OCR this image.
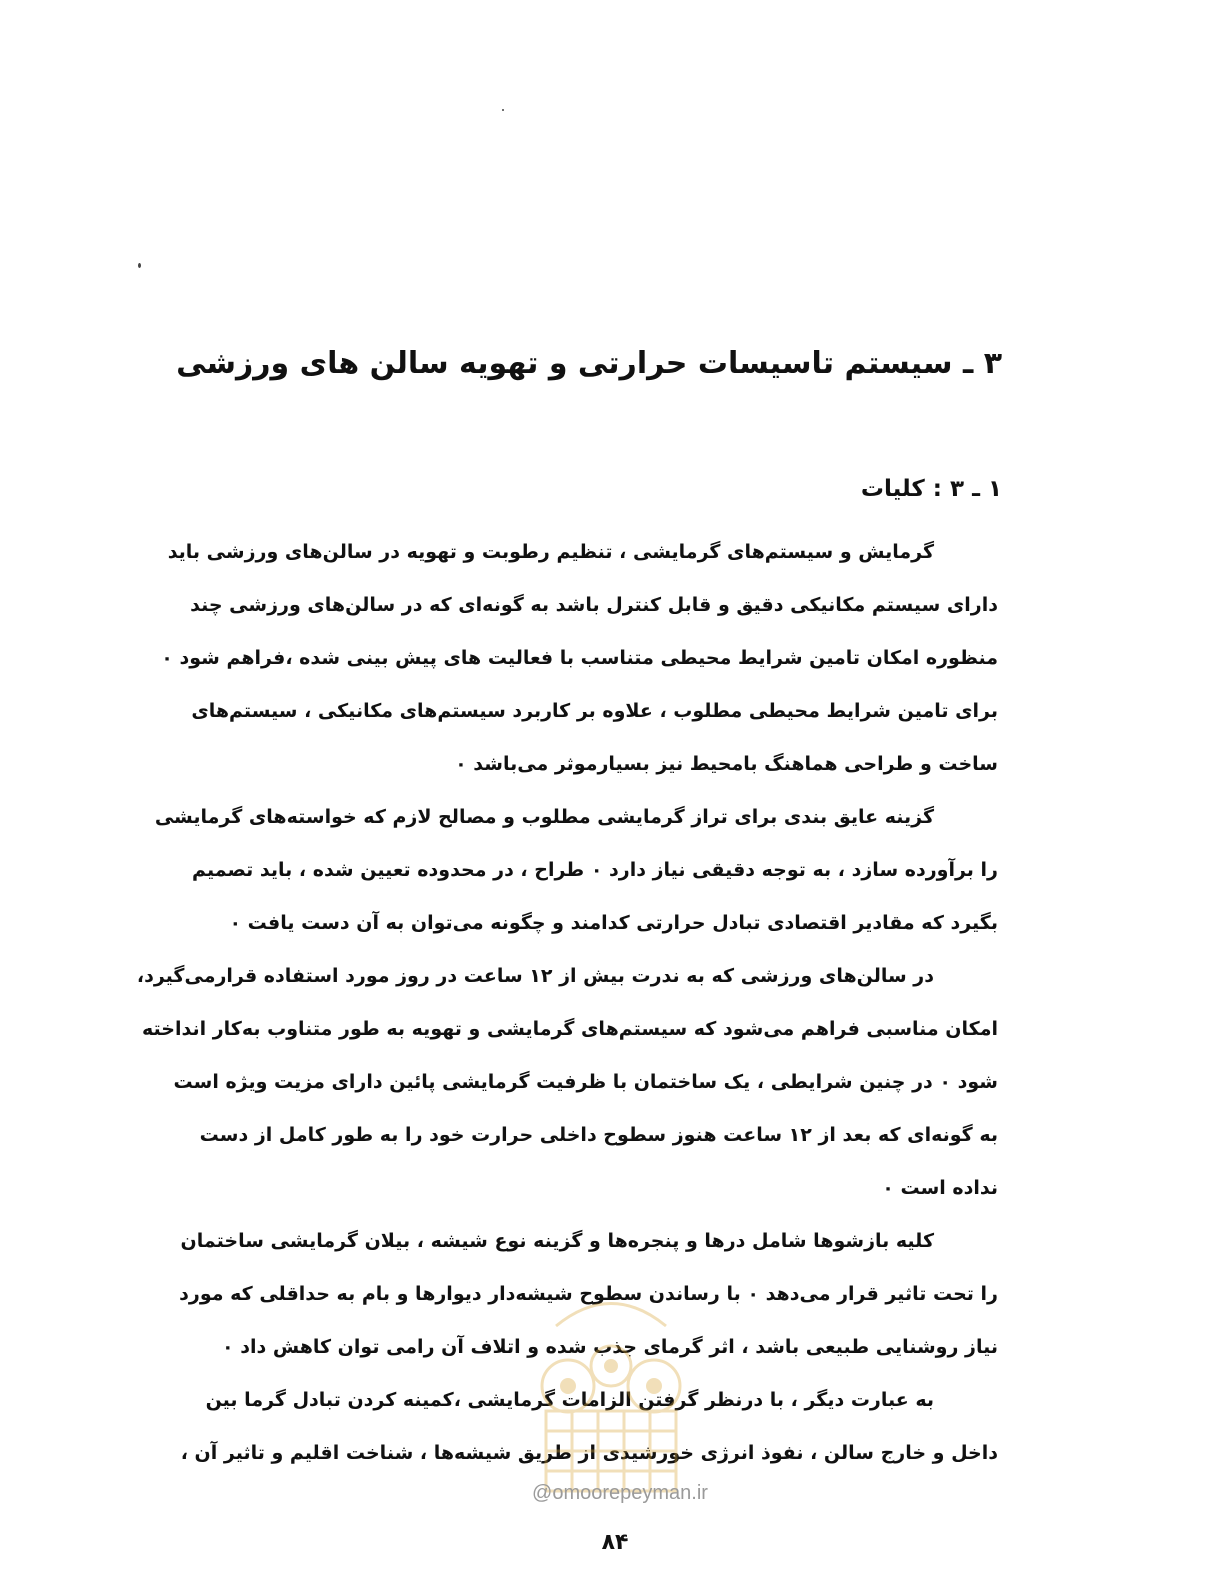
۳ ـ سیستم تاسیسات حرارتی و تهویه سالن های ورزشی
۱ ـ ۳ : کلیات
گرمایش و سیستم‌های گرمایشی ، تنظیم رطوبت و تهویه در سالن‌های ورزشی باید
دارای سیستم مکانیکی دقیق و قابل کنترل باشد به گونه‌ای که در سالن‌های ورزشی چند
منظوره امکان تامین شرایط محیطی متناسب با فعالیت های پیش بینی شده ،فراهم شود ۰
برای تامین شرایط محیطی مطلوب ، علاوه بر کاربرد سیستم‌های مکانیکی ، سیستم‌های
ساخت و طراحی هماهنگ بامحیط نیز بسیارموثر می‌باشد ۰
گزینه عایق بندی برای تراز گرمایشی مطلوب و مصالح لازم که خواسته‌های گرمایشی
را برآورده سازد ، به توجه دقیقی نیاز دارد ۰ طراح ، در محدوده تعیین شده ، باید تصمیم
بگیرد که مقادیر اقتصادی تبادل حرارتی کدامند و چگونه می‌توان به آن دست یافت ۰
در سالن‌های ورزشی که به ندرت بیش از ۱۲ ساعت در روز مورد استفاده قرارمی‌گیرد،
امکان مناسبی فراهم می‌شود که سیستم‌های گرمایشی و تهویه به طور متناوب به‌کار انداخته
شود ۰ در چنین شرایطی ، یک ساختمان با ظرفیت گرمایشی پائین دارای مزیت ویژه است
به گونه‌ای که بعد از ۱۲ ساعت هنوز سطوح داخلی حرارت خود را به طور کامل از دست
نداده است ۰
کلیه بازشوها شامل درها و پنجره‌ها و گزینه نوع شیشه ، بیلان گرمایشی ساختمان
را تحت تاثیر قرار می‌دهد ۰ با رساندن سطوح شیشه‌دار دیوارها و بام به حداقلی که مورد
نیاز روشنایی طبیعی باشد ، اثر گرمای جذب شده و اتلاف آن رامی توان کاهش داد ۰
به عبارت دیگر ، با درنظر گرفتن الزامات گرمایشی ،کمینه کردن تبادل گرما بین
داخل و خارج سالن ، نفوذ انرژی خورشیدی از طریق شیشه‌ها ، شناخت اقلیم و تاثیر آن ،
@omoorepeyman.ir
۸۴
